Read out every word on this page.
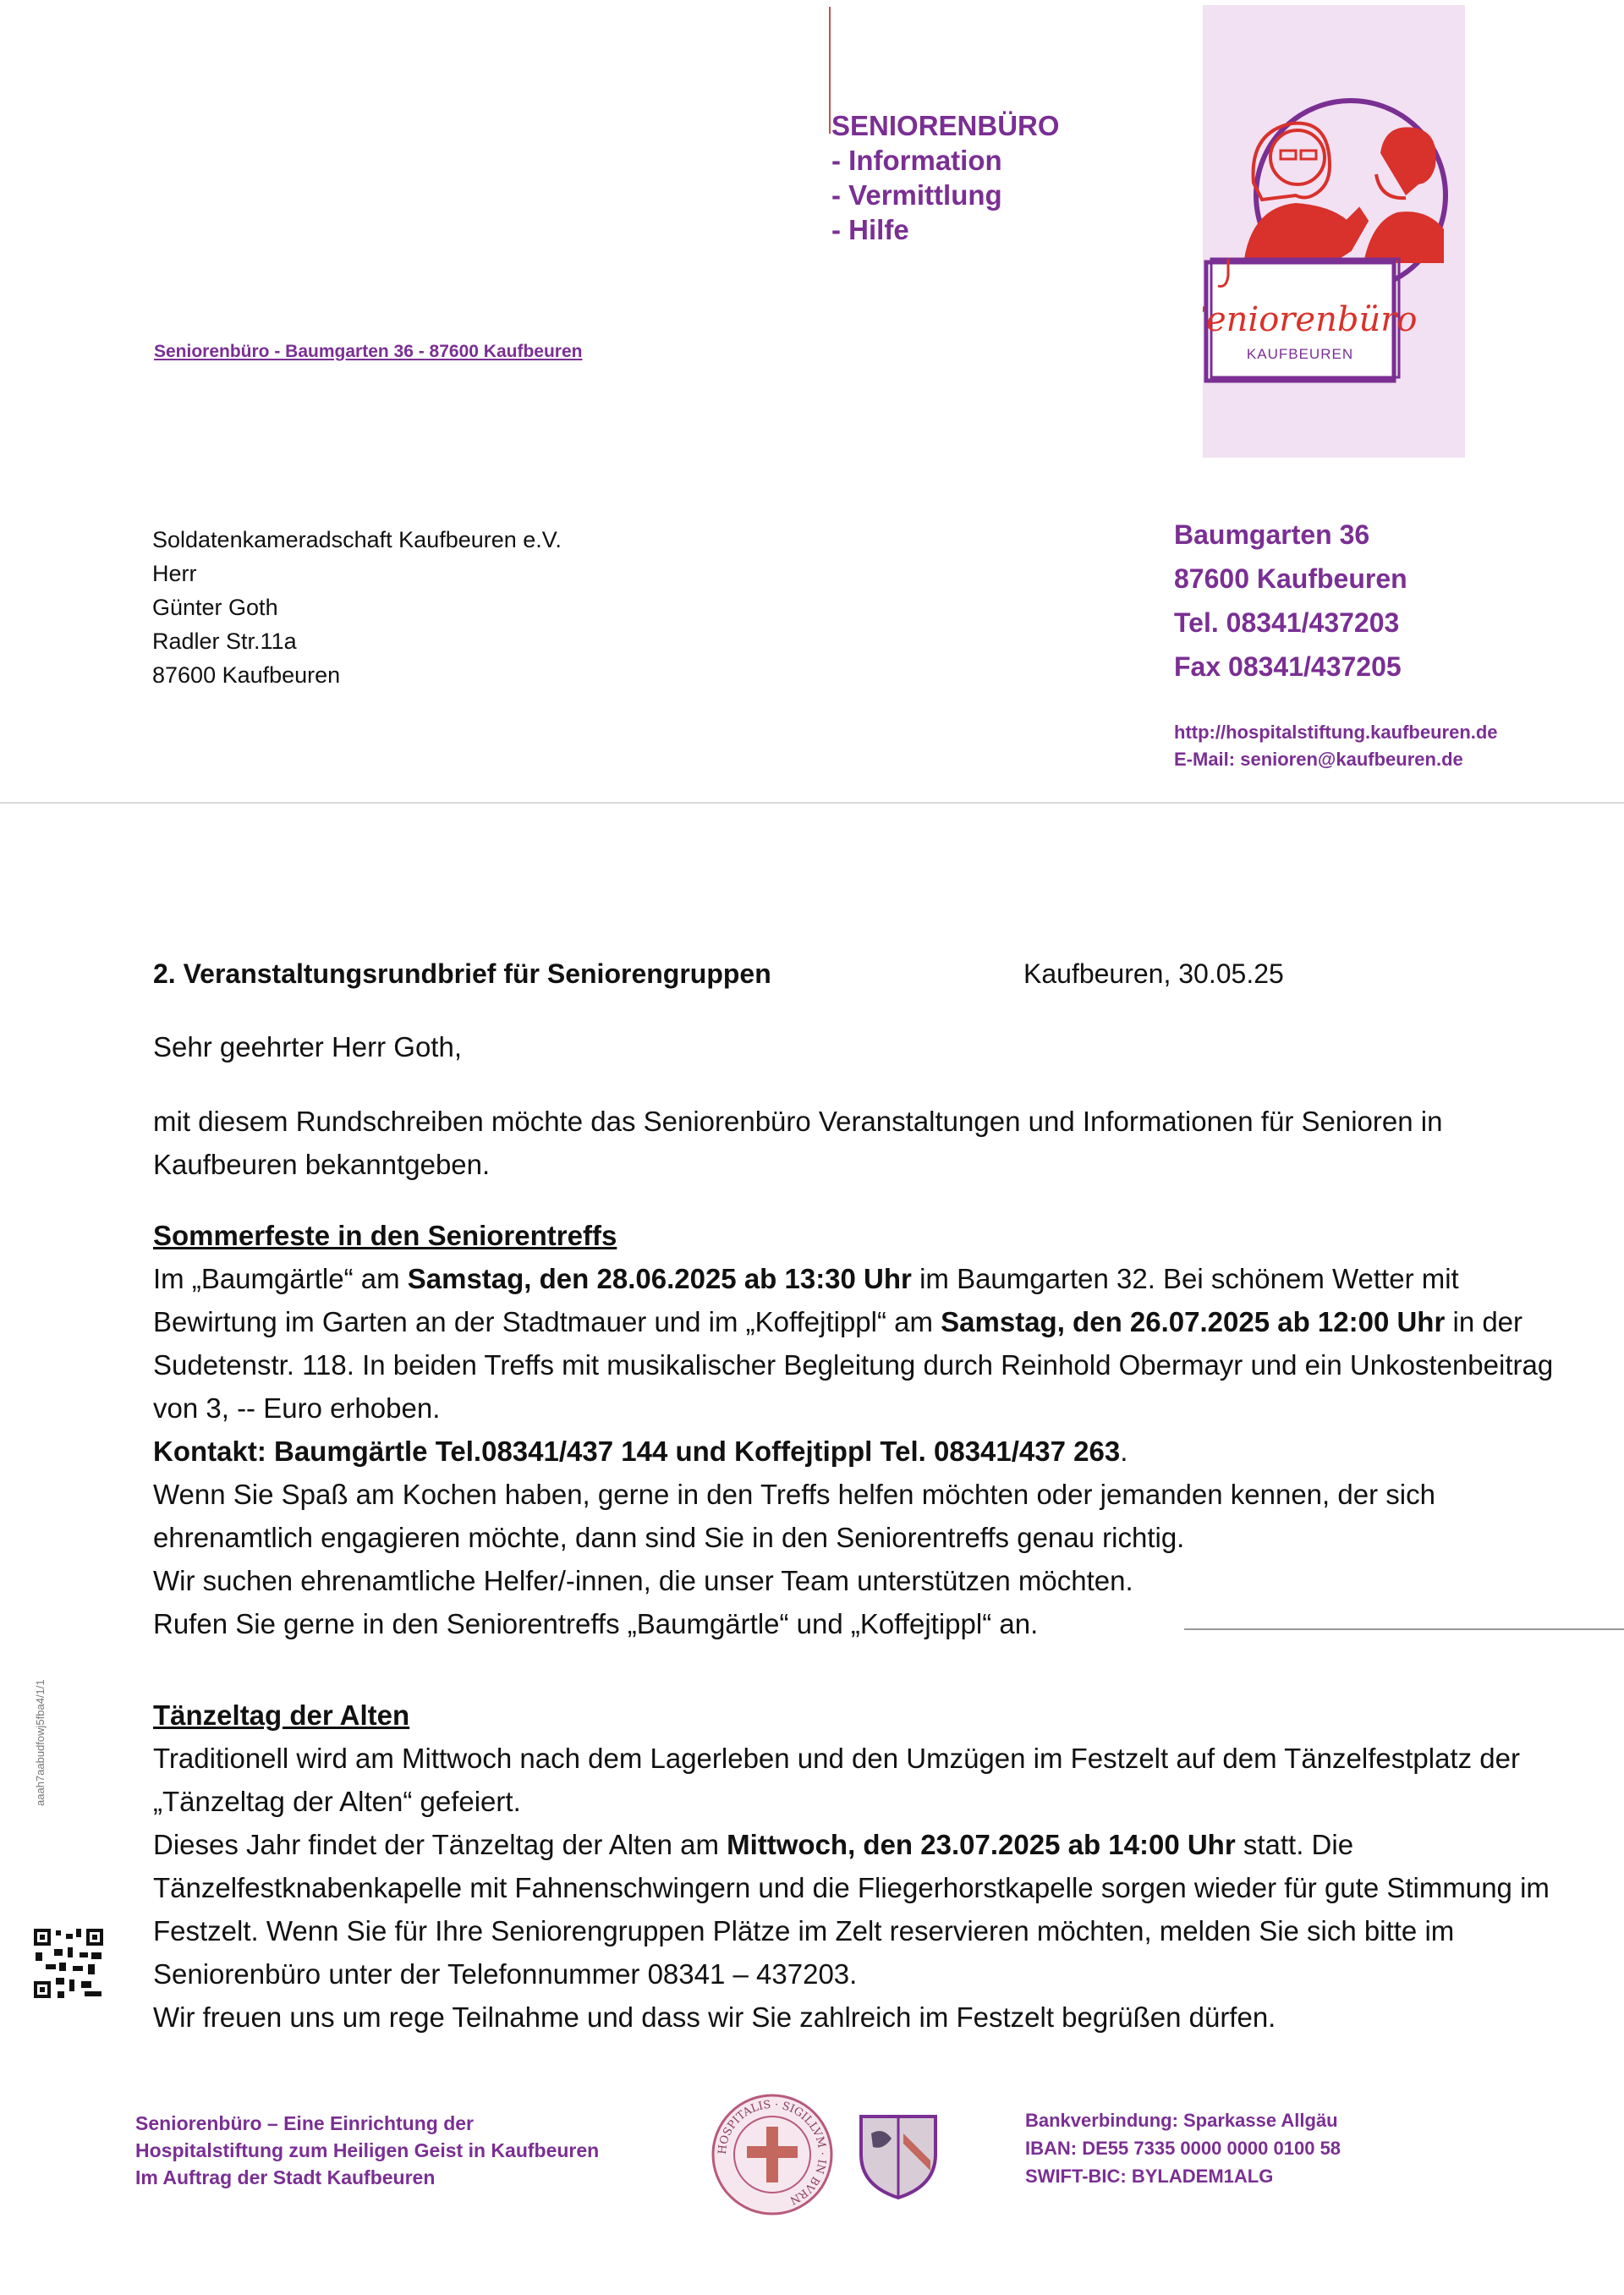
SENIORENBÜRO
- Information
- Vermittlung
- Hilfe
Seniorenbüro
KAUFBEUREN
Seniorenbüro - Baumgarten 36 - 87600 Kaufbeuren
Soldatenkameradschaft Kaufbeuren e.V.
Herr
Günter Goth
Radler Str.11a
87600 Kaufbeuren
Baumgarten 36
87600 Kaufbeuren
Tel. 08341/437203
Fax 08341/437205
http://hospitalstiftung.kaufbeuren.de
E-Mail: senioren@kaufbeuren.de
2. Veranstaltungsrundbrief für Seniorengruppen	Kaufbeuren, 30.05.25

Sehr geehrter Herr Goth,

mit diesem Rundschreiben möchte das Seniorenbüro Veranstaltungen und Informationen für Senioren in Kaufbeuren bekanntgeben.

Sommerfeste in den Seniorentreffs

Im „Baumgärtle“ am Samstag, den 28.06.2025 ab 13:30 Uhr im Baumgarten 32. Bei schönem Wetter mit Bewirtung im Garten an der Stadtmauer und im „Koffejtippl“ am Samstag, den 26.07.2025 ab 12:00 Uhr in der Sudetenstr. 118. In beiden Treffs mit musikalischer Begleitung durch Reinhold Obermayr und ein Unkostenbeitrag von 3, -- Euro erhoben.

Kontakt: Baumgärtle Tel.08341/437 144 und Koffejtippl Tel. 08341/437 263.

Wenn Sie Spaß am Kochen haben, gerne in den Treffs helfen möchten oder jemanden kennen, der sich ehrenamtlich engagieren möchte, dann sind Sie in den Seniorentreffs genau richtig.

Wir suchen ehrenamtliche Helfer/-innen, die unser Team unterstützen möchten.

Rufen Sie gerne in den Seniorentreffs „Baumgärtle“ und „Koffejtippl“ an.

Tänzeltag der Alten

Traditionell wird am Mittwoch nach dem Lagerleben und den Umzügen im Festzelt auf dem Tänzelfestplatz der „Tänzeltag der Alten“ gefeiert.

Dieses Jahr findet der Tänzeltag der Alten am Mittwoch, den 23.07.2025 ab 14:00 Uhr statt. Die Tänzelfestknabenkapelle mit Fahnenschwingern und die Fliegerhorstkapelle sorgen wieder für gute Stimmung im Festzelt. Wenn Sie für Ihre Seniorengruppen Plätze im Zelt reservieren möchten, melden Sie sich bitte im Seniorenbüro unter der Telefonnummer 08341 – 437203.

Wir freuen uns um rege Teilnahme und dass wir Sie zahlreich im Festzelt begrüßen dürfen.

aaah7aabudfowj5fba4/1/1
Seniorenbüro – Eine Einrichtung der
Hospitalstiftung zum Heiligen Geist in Kaufbeuren
Im Auftrag der Stadt Kaufbeuren
HOSPITALIS · SIGILLVM · IN BVRN
Bankverbindung: Sparkasse Allgäu
IBAN: DE55 7335 0000 0000 0100 58
SWIFT-BIC: BYLADEM1ALG
